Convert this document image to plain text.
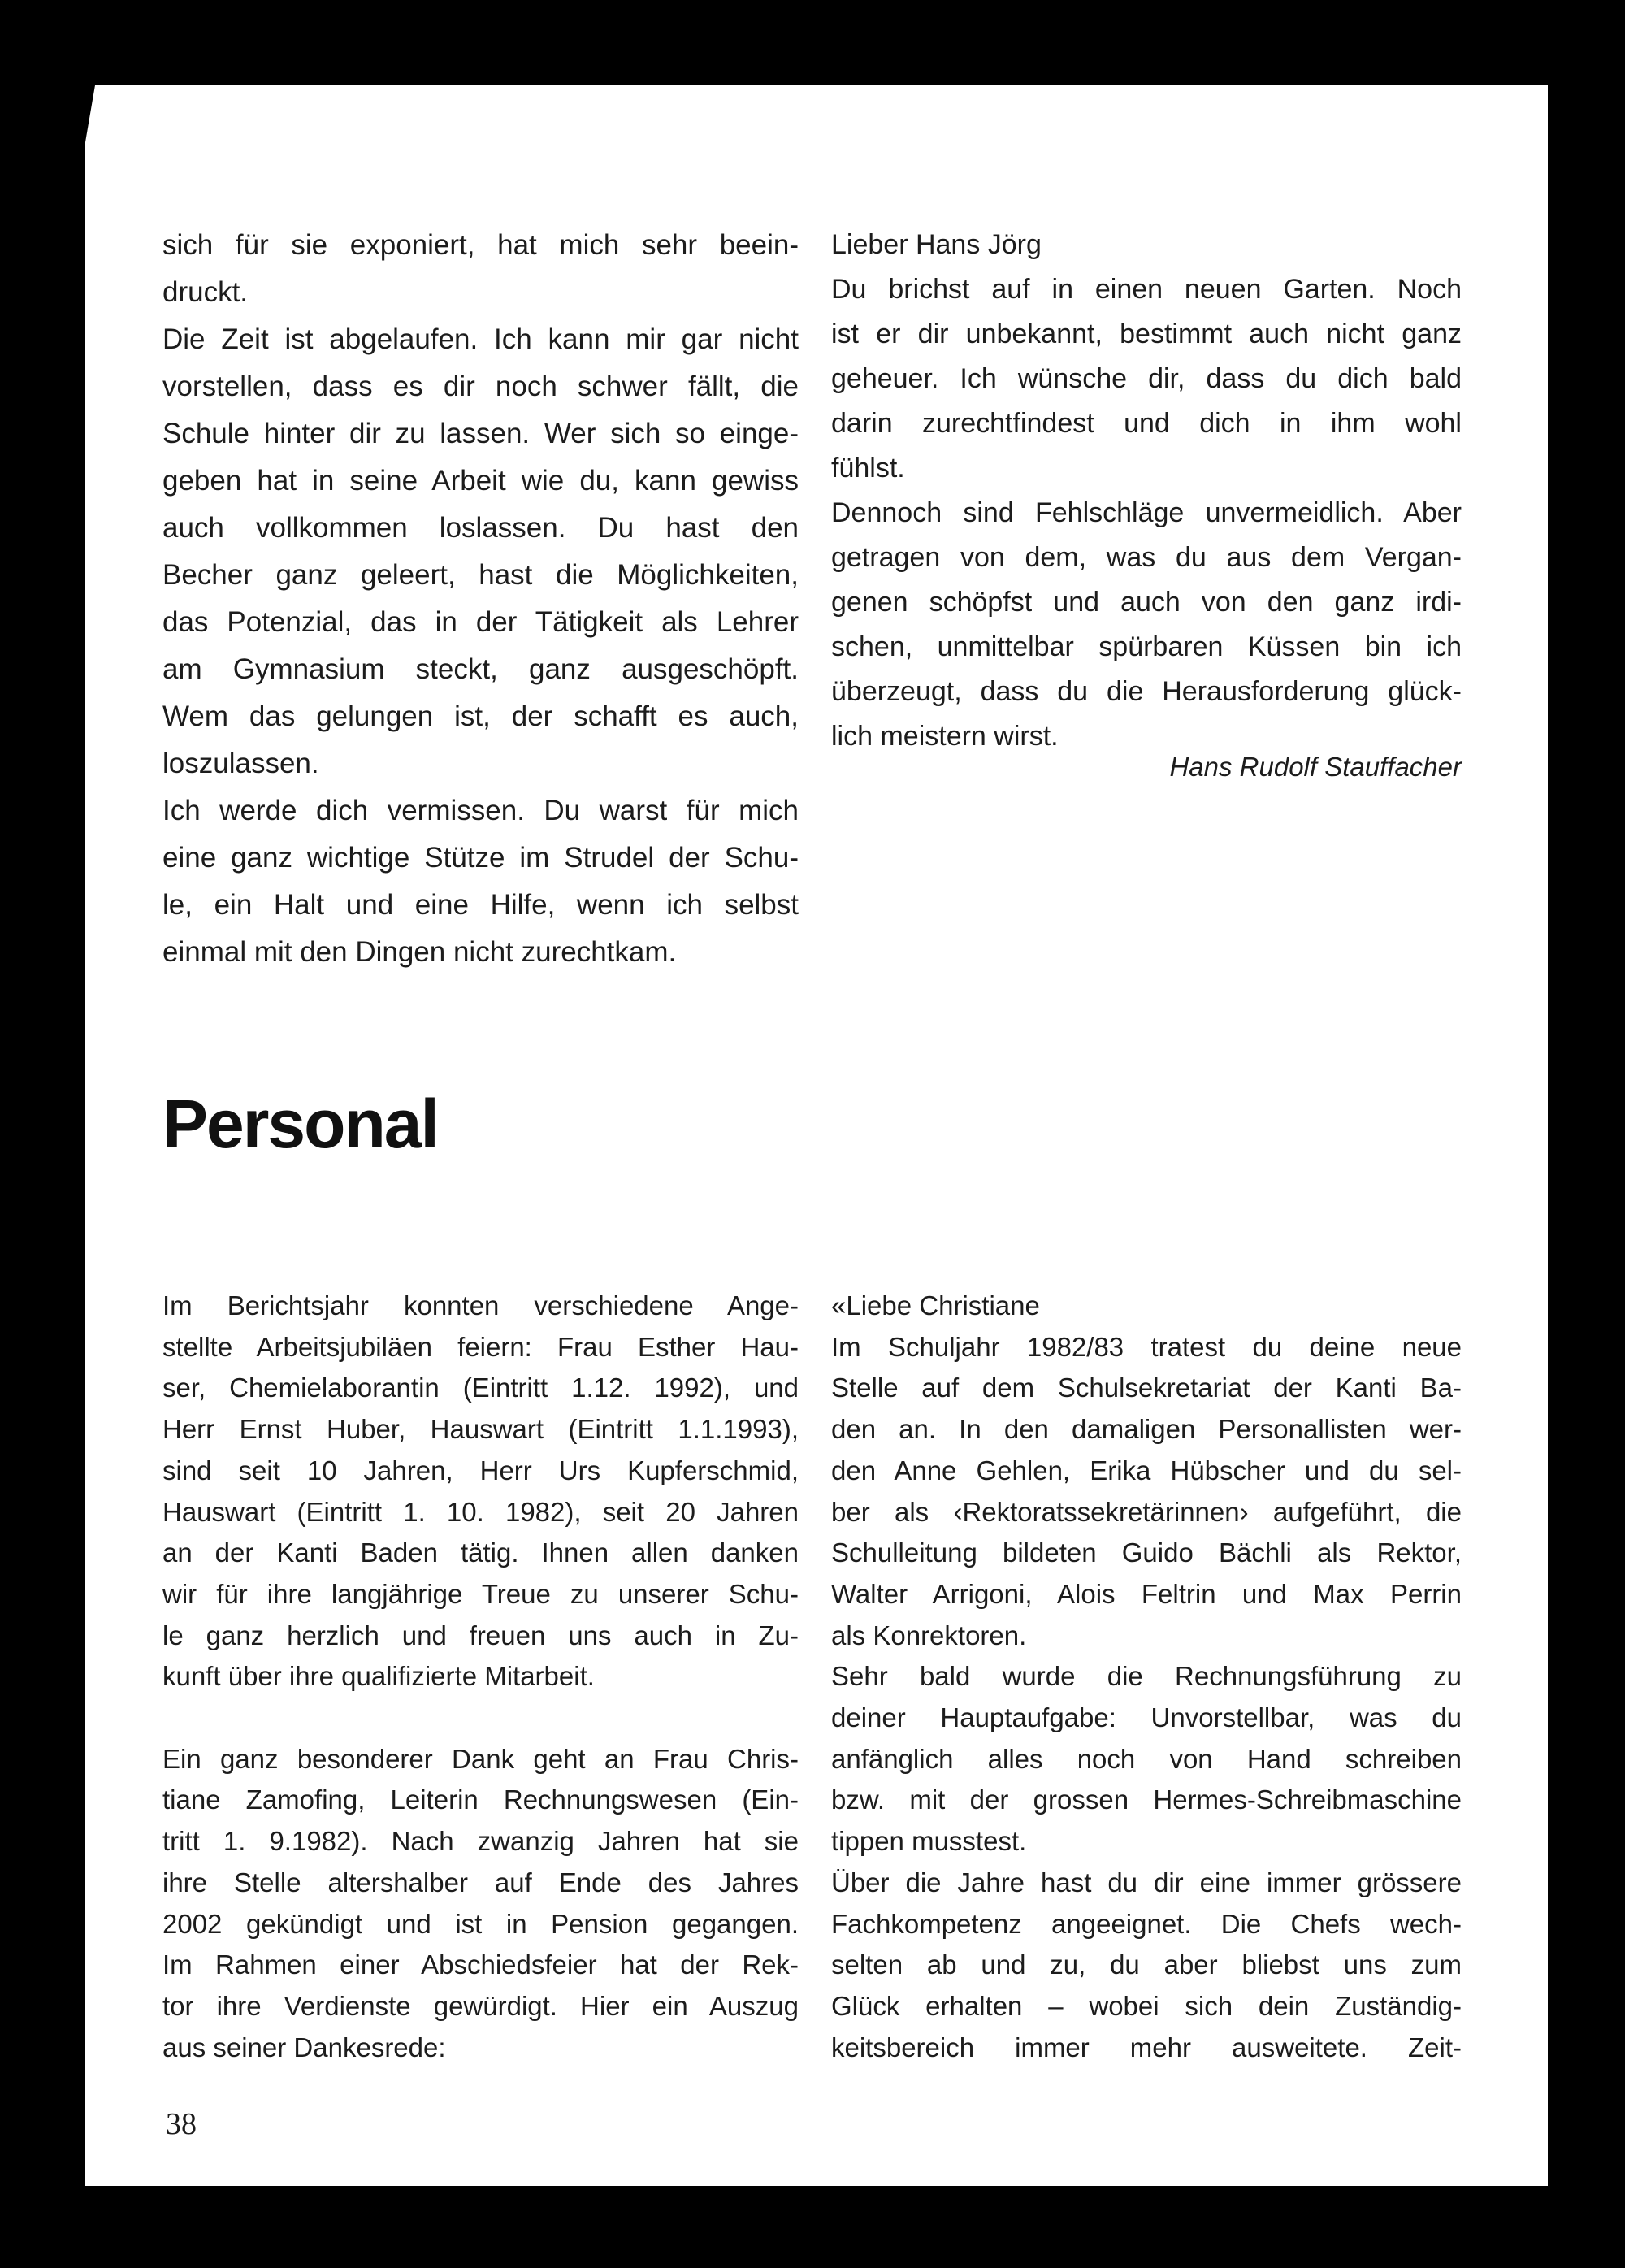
sich für sie exponiert, hat mich sehr beein-
druckt.
Die Zeit ist abgelaufen. Ich kann mir gar nicht
vorstellen, dass es dir noch schwer fällt, die
Schule hinter dir zu lassen. Wer sich so einge-
geben hat in seine Arbeit wie du, kann gewiss
auch vollkommen loslassen. Du hast den
Becher ganz geleert, hast die Möglichkeiten,
das Potenzial, das in der Tätigkeit als Lehrer
am Gymnasium steckt, ganz ausgeschöpft.
Wem das gelungen ist, der schafft es auch,
loszulassen.
Ich werde dich vermissen. Du warst für mich
eine ganz wichtige Stütze im Strudel der Schu-
le, ein Halt und eine Hilfe, wenn ich selbst
einmal mit den Dingen nicht zurechtkam.
Lieber Hans Jörg
Du brichst auf in einen neuen Garten. Noch
ist er dir unbekannt, bestimmt auch nicht ganz
geheuer. Ich wünsche dir, dass du dich bald
darin zurechtfindest und dich in ihm wohl
fühlst.
Dennoch sind Fehlschläge unvermeidlich. Aber
getragen von dem, was du aus dem Vergan-
genen schöpfst und auch von den ganz irdi-
schen, unmittelbar spürbaren Küssen bin ich
überzeugt, dass du die Herausforderung glück-
lich meistern wirst.
Hans Rudolf Stauffacher
Personal
Im Berichtsjahr konnten verschiedene Ange-
stellte Arbeitsjubiläen feiern: Frau Esther Hau-
ser, Chemielaborantin (Eintritt 1.12. 1992), und
Herr Ernst Huber, Hauswart (Eintritt 1.1.1993),
sind seit 10 Jahren, Herr Urs Kupferschmid,
Hauswart (Eintritt 1. 10. 1982), seit 20 Jahren
an der Kanti Baden tätig. Ihnen allen danken
wir für ihre langjährige Treue zu unserer Schu-
le ganz herzlich und freuen uns auch in Zu-
kunft über ihre qualifizierte Mitarbeit.
Ein ganz besonderer Dank geht an Frau Chris-
tiane Zamofing, Leiterin Rechnungswesen (Ein-
tritt 1. 9.1982). Nach zwanzig Jahren hat sie
ihre Stelle altershalber auf Ende des Jahres
2002 gekündigt und ist in Pension gegangen.
Im Rahmen einer Abschiedsfeier hat der Rek-
tor ihre Verdienste gewürdigt. Hier ein Auszug
aus seiner Dankesrede:
«Liebe Christiane
Im Schuljahr 1982/83 tratest du deine neue
Stelle auf dem Schulsekretariat der Kanti Ba-
den an. In den damaligen Personallisten wer-
den Anne Gehlen, Erika Hübscher und du sel-
ber als ‹Rektoratssekretärinnen› aufgeführt, die
Schulleitung bildeten Guido Bächli als Rektor,
Walter Arrigoni, Alois Feltrin und Max Perrin
als Konrektoren.
Sehr bald wurde die Rechnungsführung zu
deiner Hauptaufgabe: Unvorstellbar, was du
anfänglich alles noch von Hand schreiben
bzw. mit der grossen Hermes-Schreibmaschine
tippen musstest.
Über die Jahre hast du dir eine immer grössere
Fachkompetenz angeeignet. Die Chefs wech-
selten ab und zu, du aber bliebst uns zum
Glück erhalten – wobei sich dein Zuständig-
keitsbereich immer mehr ausweitete. Zeit-
38
